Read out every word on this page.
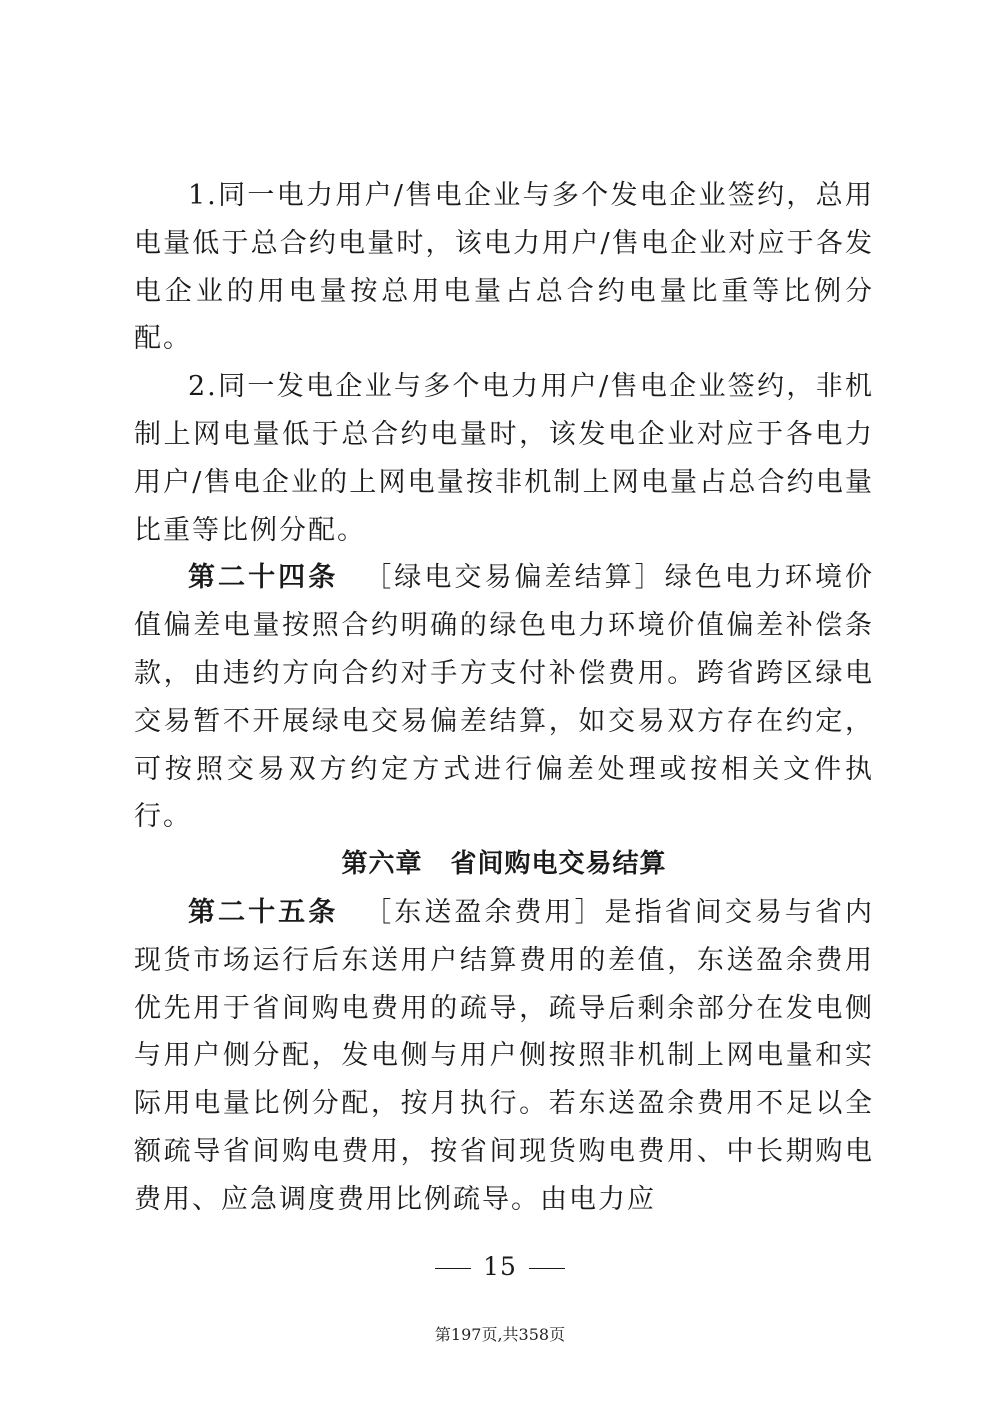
1.同一电力用户/售电企业与多个发电企业签约，总用电量低于总合约电量时，该电力用户/售电企业对应于各发电企业的用电量按总用电量占总合约电量比重等比例分配。

2.同一发电企业与多个电力用户/售电企业签约，非机制上网电量低于总合约电量时，该发电企业对应于各电力用户/售电企业的上网电量按非机制上网电量占总合约电量比重等比例分配。

第二十四条 ［绿电交易偏差结算］绿色电力环境价值偏差电量按照合约明确的绿色电力环境价值偏差补偿条款，由违约方向合约对手方支付补偿费用。跨省跨区绿电交易暂不开展绿电交易偏差结算，如交易双方存在约定，可按照交易双方约定方式进行偏差处理或按相关文件执行。

第六章 省间购电交易结算

第二十五条 ［东送盈余费用］是指省间交易与省内现货市场运行后东送用户结算费用的差值，东送盈余费用优先用于省间购电费用的疏导，疏导后剩余部分在发电侧与用户侧分配，发电侧与用户侧按照非机制上网电量和实际用电量比例分配，按月执行。若东送盈余费用不足以全额疏导省间购电费用，按省间现货购电费用、中长期购电费用、应急调度费用比例疏导。由电力应

15
第197页,共358页
